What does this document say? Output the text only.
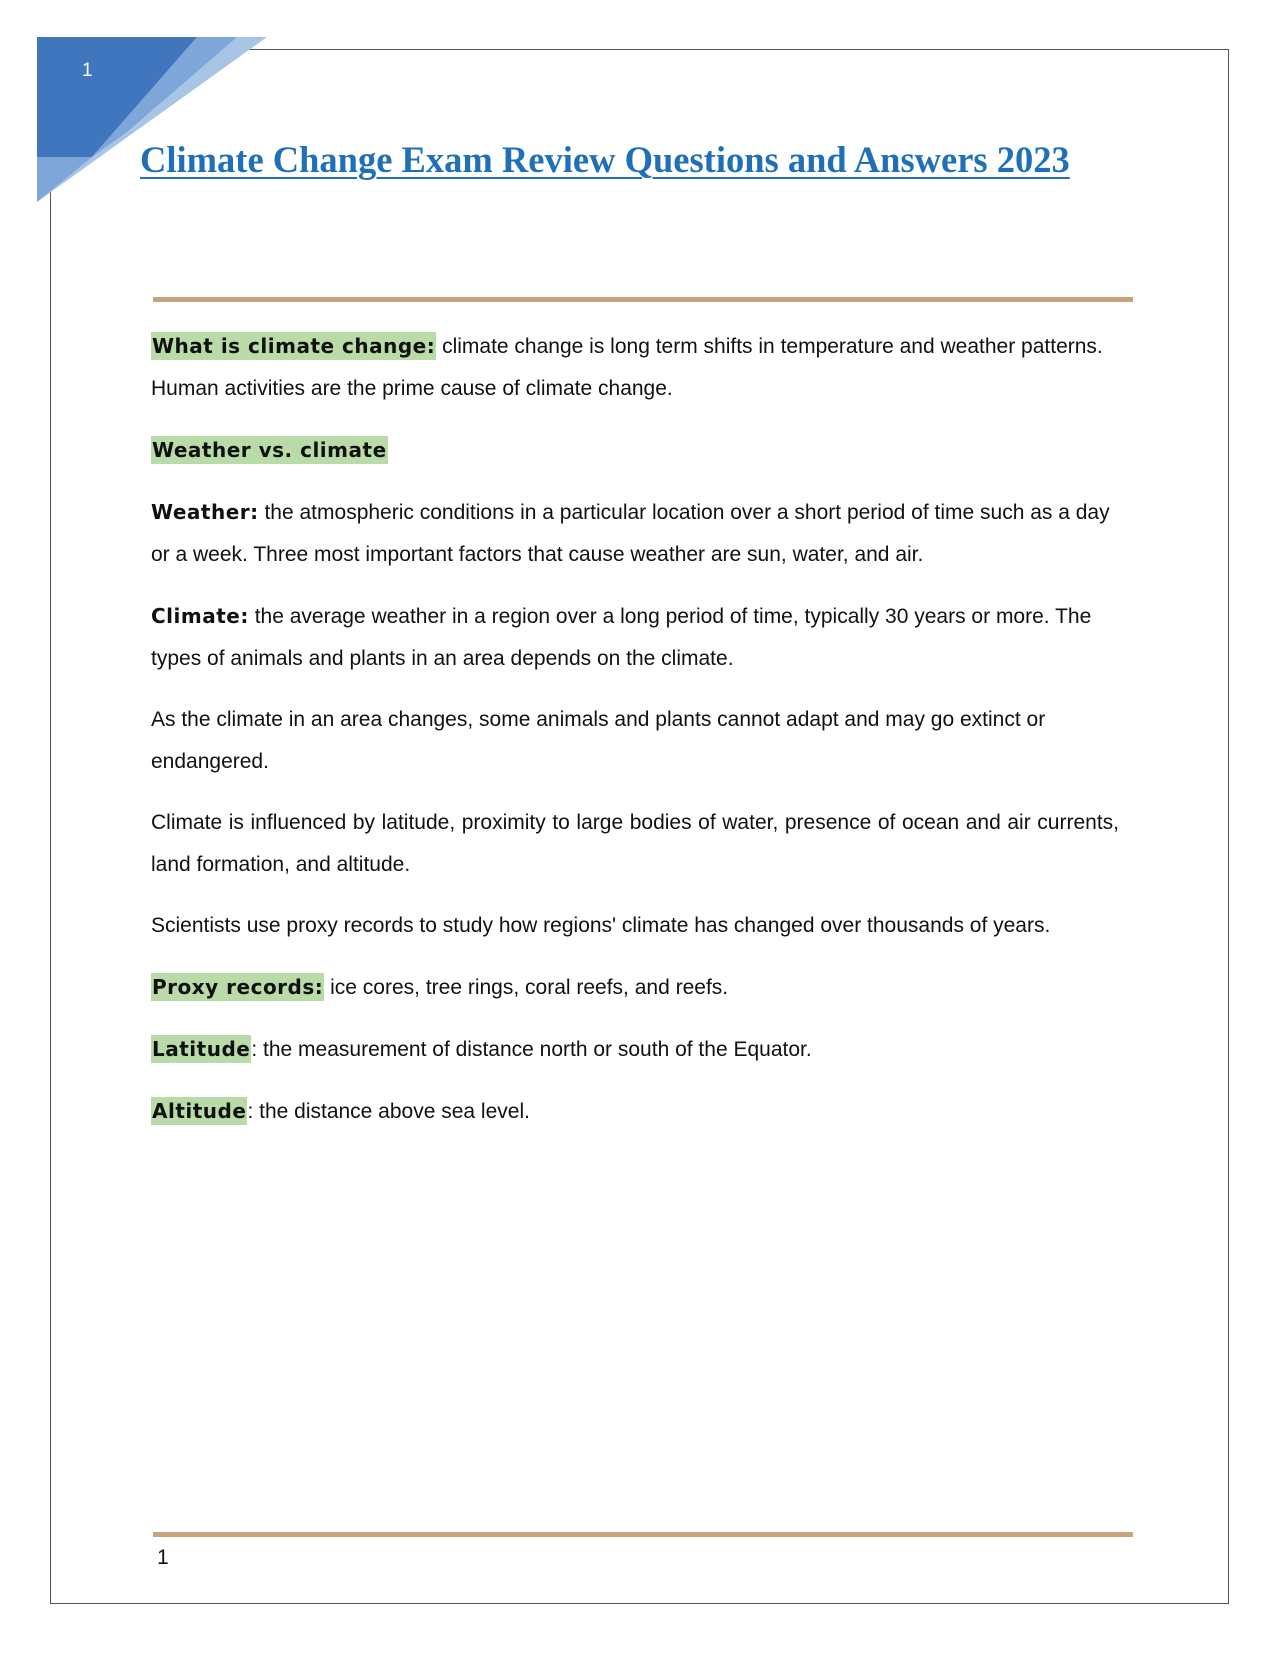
1
Climate Change Exam Review Questions and Answers 2023

What is climate change: climate change is long term shifts in temperature and weather patterns. Human activities are the prime cause of climate change.

Weather vs. climate

Weather: the atmospheric conditions in a particular location over a short period of time such as a day or a week. Three most important factors that cause weather are sun, water, and air.

Climate: the average weather in a region over a long period of time, typically 30 years or more. The types of animals and plants in an area depends on the climate.

As the climate in an area changes, some animals and plants cannot adapt and may go extinct or endangered.

Climate is influenced by latitude, proximity to large bodies of water, presence of ocean and air currents, land formation, and altitude.

Scientists use proxy records to study how regions' climate has changed over thousands of years.

Proxy records: ice cores, tree rings, coral reefs, and reefs.

Latitude: the measurement of distance north or south of the Equator.

Altitude: the distance above sea level.

1
